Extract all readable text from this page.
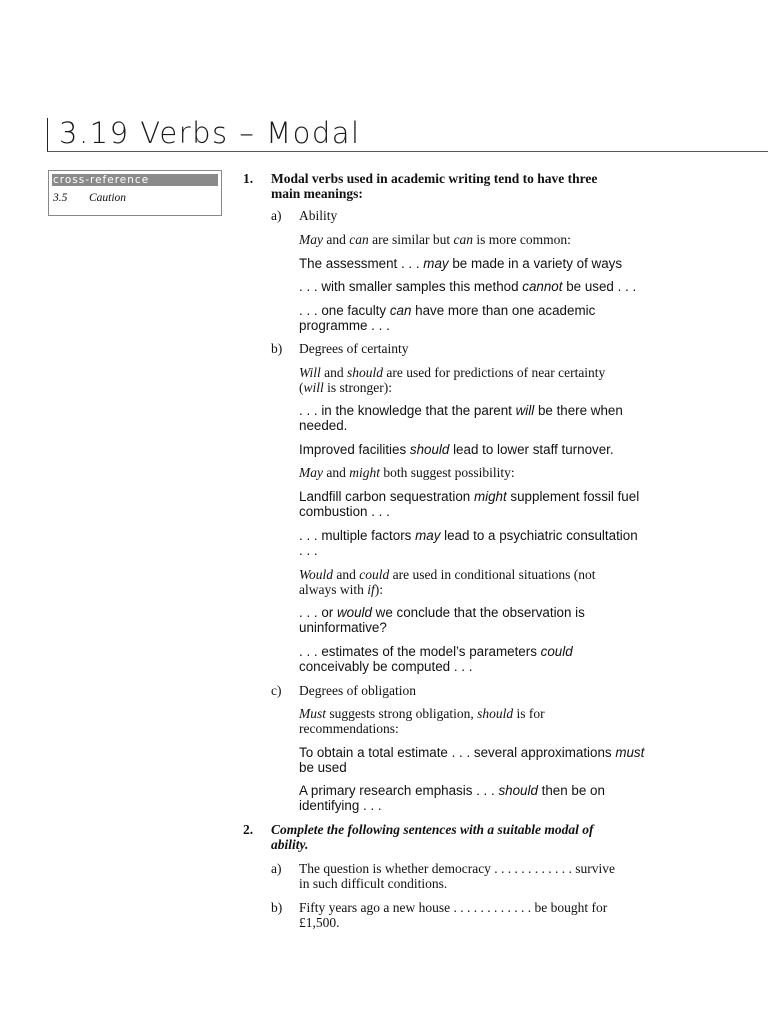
3.19 Verbs – Modal
cross-reference
3.5 Caution
1. Modal verbs used in academic writing tend to have three
main meanings:
a) Ability
May and can are similar but can is more common:
The assessment . . . may be made in a variety of ways
. . . with smaller samples this method cannot be used . . .
. . . one faculty can have more than one academic
programme . . .
b) Degrees of certainty
Will and should are used for predictions of near certainty
(will is stronger):
. . . in the knowledge that the parent will be there when
needed.
Improved facilities should lead to lower staff turnover.
May and might both suggest possibility:
Landfill carbon sequestration might supplement fossil fuel
combustion . . .
. . . multiple factors may lead to a psychiatric consultation
. . .
Would and could are used in conditional situations (not
always with if):
. . . or would we conclude that the observation is
uninformative?
. . . estimates of the model’s parameters could
conceivably be computed . . .
c) Degrees of obligation
Must suggests strong obligation, should is for
recommendations:
To obtain a total estimate . . . several approximations must
be used
A primary research emphasis . . . should then be on
identifying . . .
2. Complete the following sentences with a suitable modal of
ability.
a) The question is whether democracy . . . . . . . . . . . . survive
in such difficult conditions.
b) Fifty years ago a new house . . . . . . . . . . . . be bought for
£1,500.
